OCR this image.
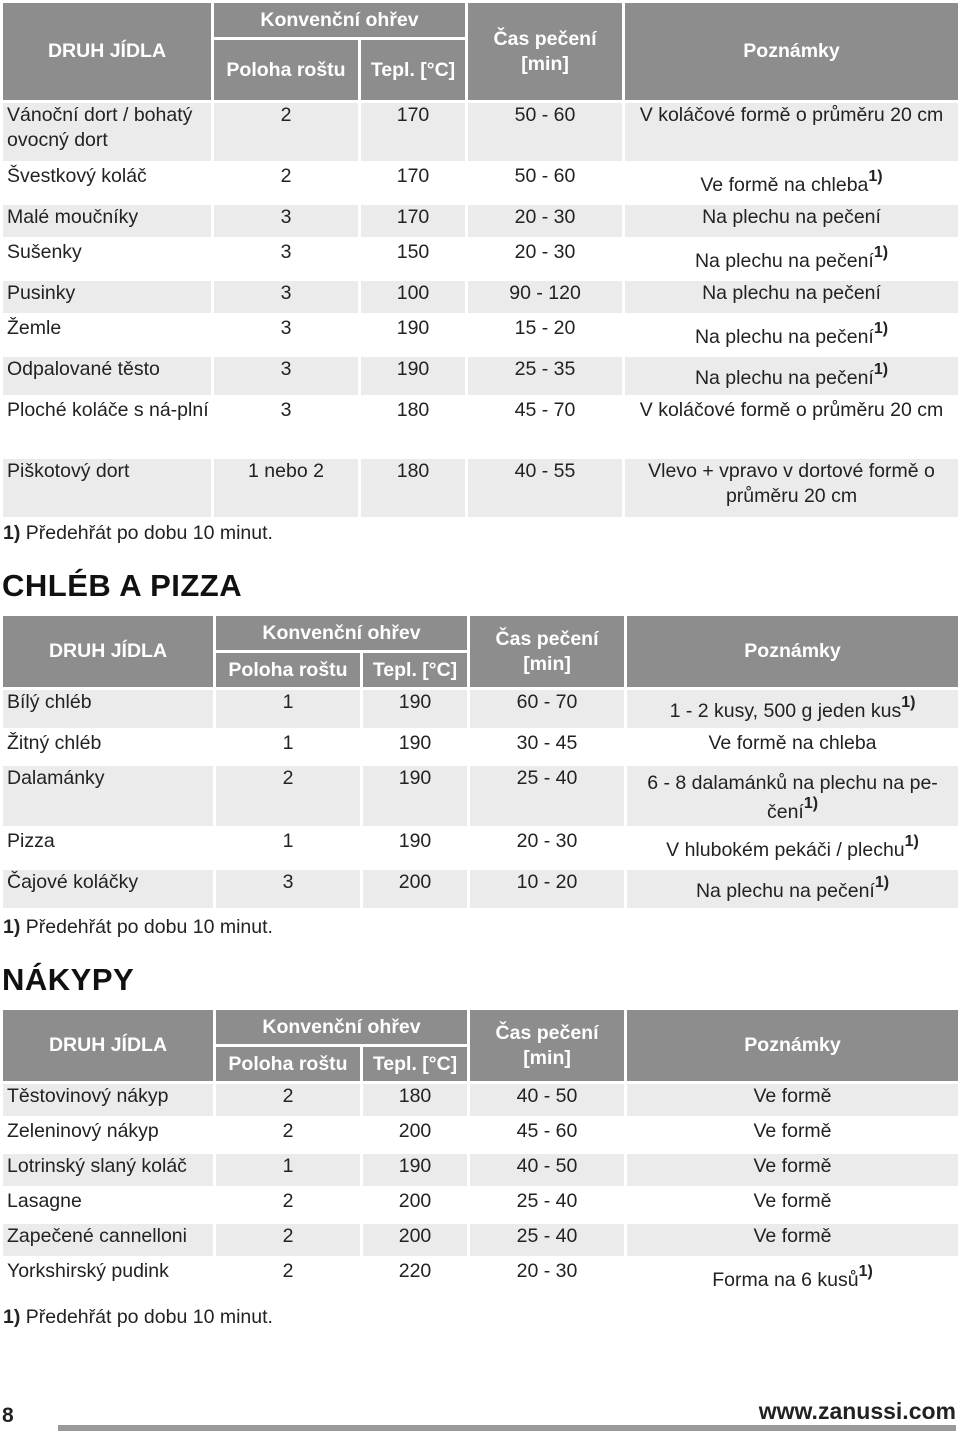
DRUH JÍDLA	Konvenční ohřev		Čas pečení [min]	Poznámky
	Poloha roštu	Tepl. [°C]		
Vánoční dort / bohatý ovocný dort	2	170	50 - 60	V koláčové formě o průměru 20 cm
Švestkový koláč	2	170	50 - 60	Ve formě na chleba$^{1)}$
Malé moučníky	3	170	20 - 30	Na plechu na pečení
Sušenky	3	150	20 - 30	Na plechu na pečení$^{1)}$
Pusinky	3	100	90 - 120	Na plechu na pečení
Žemle	3	190	15 - 20	Na plechu na pečení$^{1)}$
Odpalované těsto	3	190	25 - 35	Na plechu na pečení$^{1)}$
Ploché koláče s ná-plní	3	180	45 - 70	V koláčové formě o průměru 20 cm
Piškotový dort	1 nebo 2	180	40 - 55	Vlevo + vpravo v dortové formě o průměru 20 cm
1) Předehřát po dobu 10 minut.
CHLÉB A PIZZA
DRUH JÍDLA	Konvenční ohřev		Čas pečení [min]	Poznámky
	Poloha roštu	Tepl. [°C]		
Bílý chléb	1	190	60 - 70	1 - 2 kusy, 500 g jeden kus$^{1)}$
Žitný chléb	1	190	30 - 45	Ve formě na chleba
Dalamánky	2	190	25 - 40	6 - 8 dalamánků na plechu na pe-čení$^{1)}$
Pizza	1	190	20 - 30	V hlubokém pekáči / plechu$^{1)}$
Čajové koláčky	3	200	10 - 20	Na plechu na pečení$^{1)}$
1) Předehřát po dobu 10 minut.
NÁKYPY
DRUH JÍDLA	Konvenční ohřev		Čas pečení [min]	Poznámky
	Poloha roštu	Tepl. [°C]		
Těstovinový nákyp	2	180	40 - 50	Ve formě
Zeleninový nákyp	2	200	45 - 60	Ve formě
Lotrinský slaný koláč	1	190	40 - 50	Ve formě
Lasagne	2	200	25 - 40	Ve formě
Zapečené cannelloni	2	200	25 - 40	Ve formě
Yorkshirský pudink	2	220	20 - 30	Forma na 6 kusů$^{1)}$
1) Předehřát po dobu 10 minut.
8	www.zanussi.com
